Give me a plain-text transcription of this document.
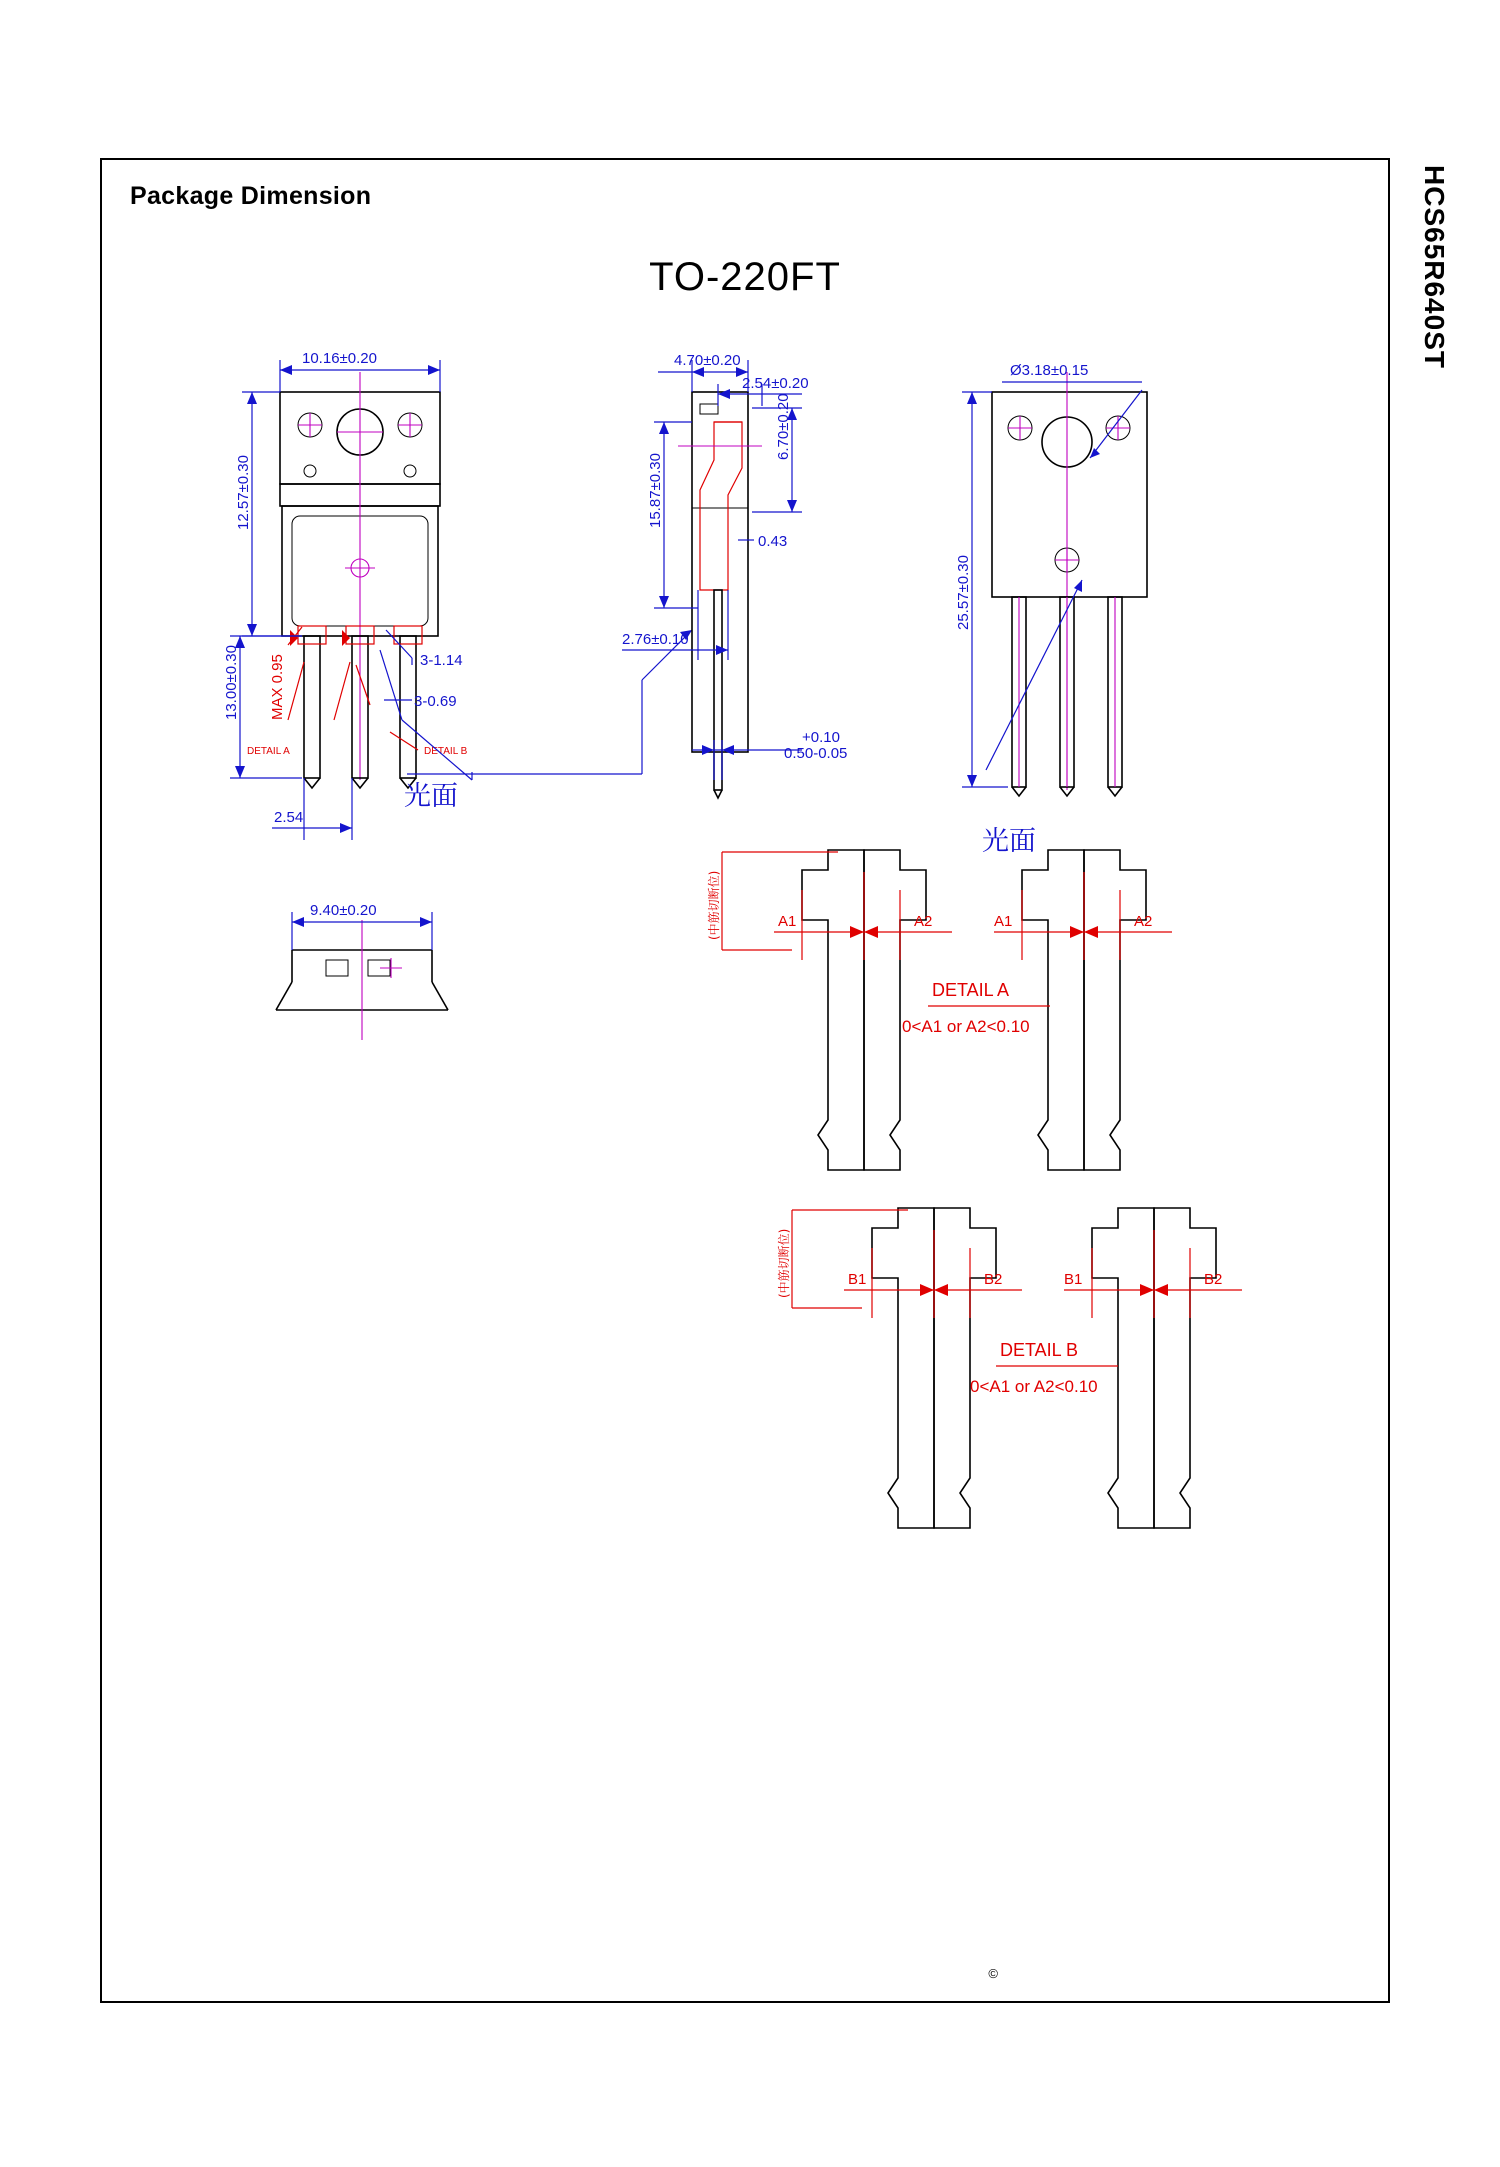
HCS65R640ST
Package Dimension
TO-220FT
©
10.16±0.20
12.57±0.30
13.00±0.30
2.54
3-1.14
3-0.69
MAX 0.95
DETAIL A	DETAIL B
光面
9.40±0.20
4.70±0.20
2.54±0.20
6.70±0.20
15.87±0.30
0.43
2.76±0.10
+0.10
0.50-0.05
Ø3.18±0.15
25.57±0.30
光面
A1	A2
(中筋切断位)	A1	A2
DETAIL A
0<A1 or A2<0.10
B1	B2
(中筋切断位)	B1	B2
DETAIL B
0<A1 or A2<0.10
